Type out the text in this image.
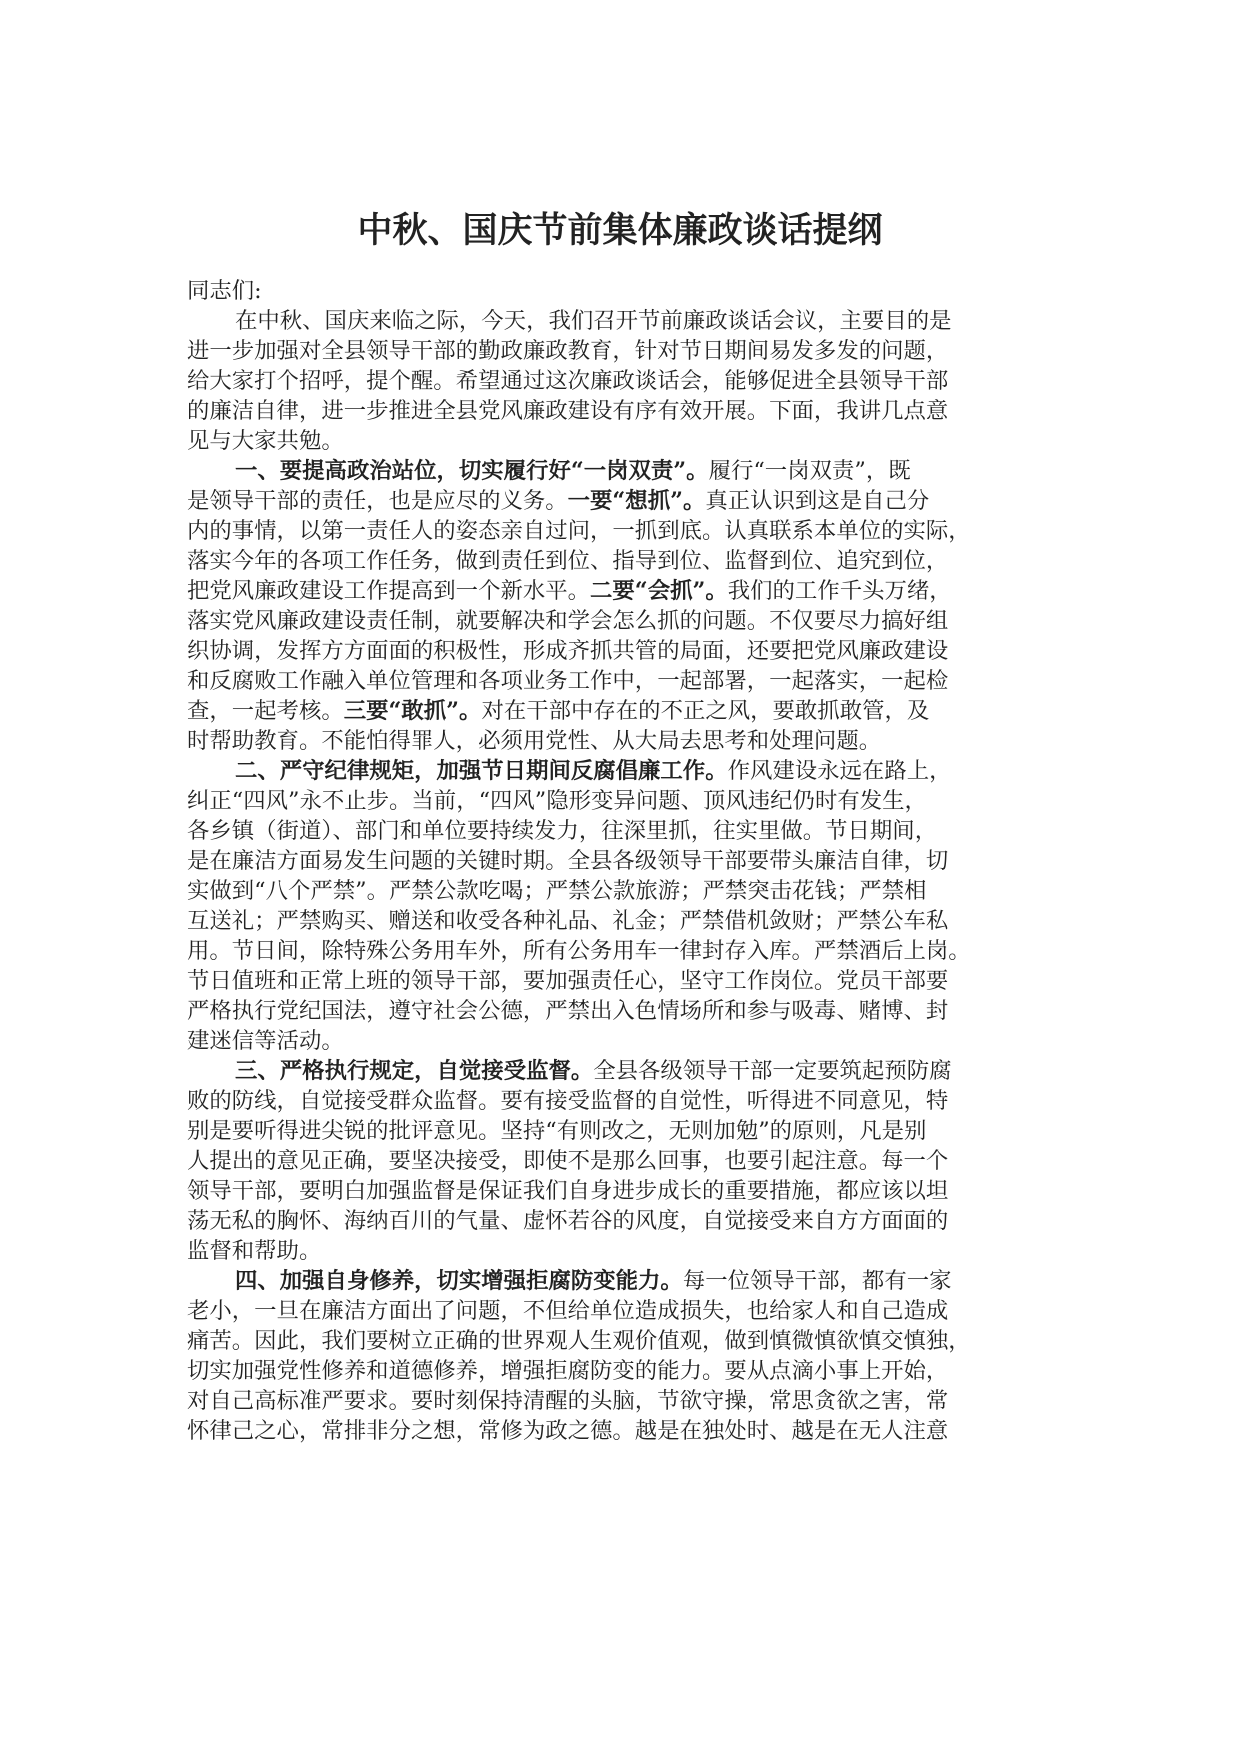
中秋、国庆节前集体廉政谈话提纲
同志们:
在中秋、国庆来临之际，今天，我们召开节前廉政谈话会议，主要目的是
进一步加强对全县领导干部的勤政廉政教育，针对节日期间易发多发的问题，
给大家打个招呼，提个醒。希望通过这次廉政谈话会，能够促进全县领导干部
的廉洁自律，进一步推进全县党风廉政建设有序有效开展。下面，我讲几点意
见与大家共勉。
一、要提高政治站位，切实履行好“一岗双责”。履行“一岗双责”，既
是领导干部的责任，也是应尽的义务。一要“想抓”。真正认识到这是自己分
内的事情，以第一责任人的姿态亲自过问，一抓到底。认真联系本单位的实际，
落实今年的各项工作任务，做到责任到位、指导到位、监督到位、追究到位，
把党风廉政建设工作提高到一个新水平。二要“会抓”。我们的工作千头万绪，
落实党风廉政建设责任制，就要解决和学会怎么抓的问题。不仅要尽力搞好组
织协调，发挥方方面面的积极性，形成齐抓共管的局面，还要把党风廉政建设
和反腐败工作融入单位管理和各项业务工作中，一起部署，一起落实，一起检
查，一起考核。三要“敢抓”。对在干部中存在的不正之风，要敢抓敢管，及
时帮助教育。不能怕得罪人，必须用党性、从大局去思考和处理问题。
二、严守纪律规矩，加强节日期间反腐倡廉工作。作风建设永远在路上，
纠正“四风”永不止步。当前，“四风”隐形变异问题、顶风违纪仍时有发生，
各乡镇（街道）、部门和单位要持续发力，往深里抓，往实里做。节日期间，
是在廉洁方面易发生问题的关键时期。全县各级领导干部要带头廉洁自律，切
实做到“八个严禁”。严禁公款吃喝；严禁公款旅游；严禁突击花钱；严禁相
互送礼；严禁购买、赠送和收受各种礼品、礼金；严禁借机敛财；严禁公车私
用。节日间，除特殊公务用车外，所有公务用车一律封存入库。严禁酒后上岗。
节日值班和正常上班的领导干部，要加强责任心，坚守工作岗位。党员干部要
严格执行党纪国法，遵守社会公德，严禁出入色情场所和参与吸毒、赌博、封
建迷信等活动。
三、严格执行规定，自觉接受监督。全县各级领导干部一定要筑起预防腐
败的防线，自觉接受群众监督。要有接受监督的自觉性，听得进不同意见，特
别是要听得进尖锐的批评意见。坚持“有则改之，无则加勉”的原则，凡是别
人提出的意见正确，要坚决接受，即使不是那么回事，也要引起注意。每一个
领导干部，要明白加强监督是保证我们自身进步成长的重要措施，都应该以坦
荡无私的胸怀、海纳百川的气量、虚怀若谷的风度，自觉接受来自方方面面的
监督和帮助。
四、加强自身修养，切实增强拒腐防变能力。每一位领导干部，都有一家
老小，一旦在廉洁方面出了问题，不但给单位造成损失，也给家人和自己造成
痛苦。因此，我们要树立正确的世界观人生观价值观，做到慎微慎欲慎交慎独，
切实加强党性修养和道德修养，增强拒腐防变的能力。要从点滴小事上开始，
对自己高标准严要求。要时刻保持清醒的头脑，节欲守操，常思贪欲之害，常
怀律己之心，常排非分之想，常修为政之德。越是在独处时、越是在无人注意
